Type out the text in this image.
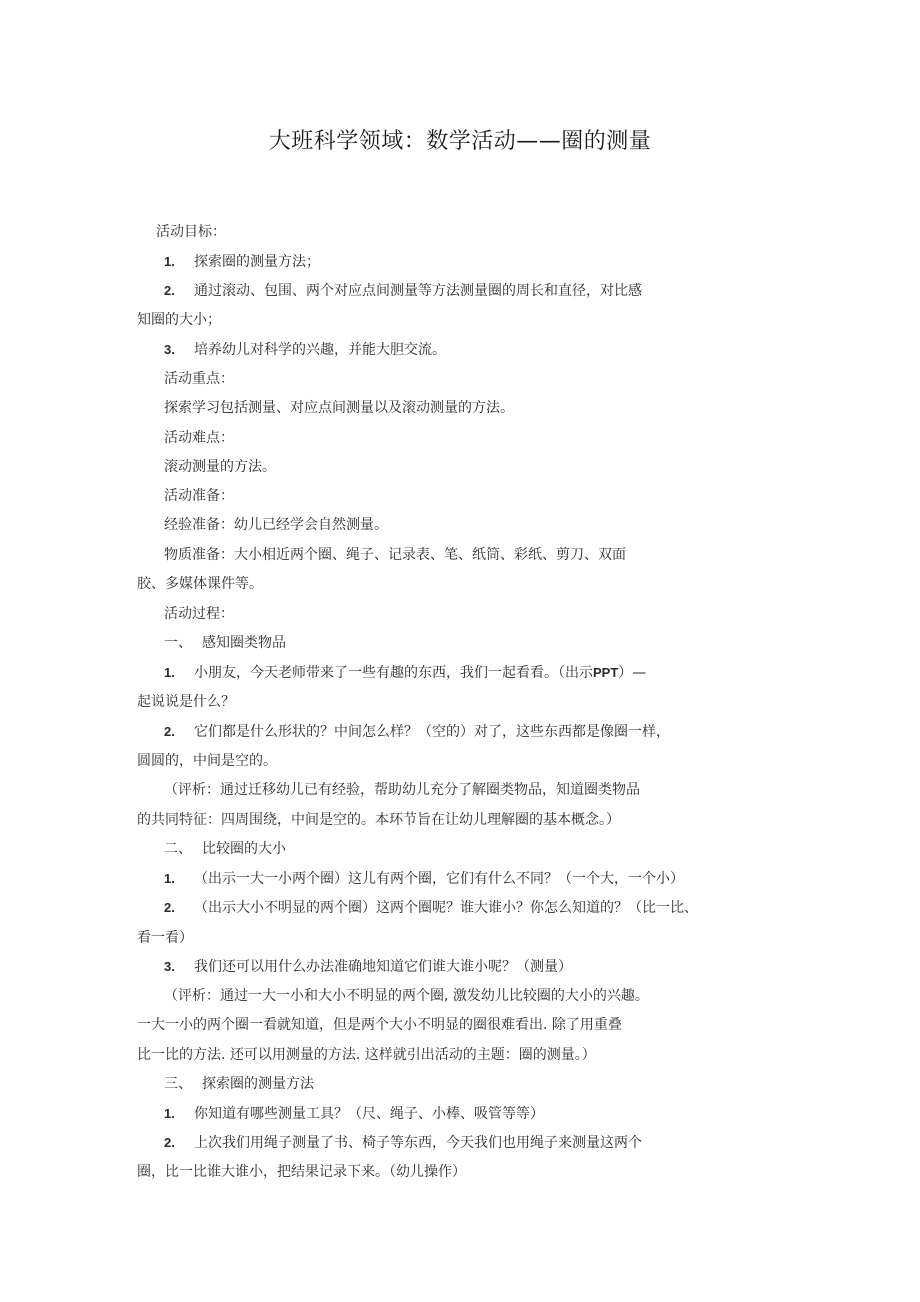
大班科学领域：数学活动——圈的测量
活动目标：
1. 探索圈的测量方法；
2. 通过滚动、包围、两个对应点间测量等方法测量圈的周长和直径，对比感
知圈的大小；
3. 培养幼儿对科学的兴趣，并能大胆交流。
活动重点：
探索学习包括测量、对应点间测量以及滚动测量的方法。
活动难点：
滚动测量的方法。
活动准备：
经验准备：幼儿已经学会自然测量。
物质准备：大小相近两个圈、绳子、记录表、笔、纸筒、彩纸、剪刀、双面
胶、多媒体课件等。
活动过程：
一、 感知圈类物品
1. 小朋友，今天老师带来了一些有趣的东西，我们一起看看。（出示PPT）—
起说说是什么？
2. 它们都是什么形状的？中间怎么样？（空的）对了，这些东西都是像圈一样，
圆圆的，中间是空的。
（评析：通过迁移幼儿已有经验，帮助幼儿充分了解圈类物品，知道圈类物品
的共同特征：四周围绕，中间是空的。本环节旨在让幼儿理解圈的基本概念。）
二、 比较圈的大小
1. （出示一大一小两个圈）这儿有两个圈，它们有什么不同？（一个大，一个小）
2. （出示大小不明显的两个圈）这两个圈呢？谁大谁小？你怎么知道的？（比一比、
看一看）
3. 我们还可以用什么办法准确地知道它们谁大谁小呢？（测量）
（评析：通过一大一小和大小不明显的两个圈, 激发幼儿比较圈的大小的兴趣。
一大一小的两个圈一看就知道，但是两个大小不明显的圈很难看出. 除了用重叠
比一比的方法. 还可以用测量的方法. 这样就引出活动的主题：圈的测量。）
三、 探索圈的测量方法
1. 你知道有哪些测量工具？（尺、绳子、小棒、吸管等等）
2. 上次我们用绳子测量了书、椅子等东西，今天我们也用绳子来测量这两个
圈，比一比谁大谁小，把结果记录下来。（幼儿操作）
